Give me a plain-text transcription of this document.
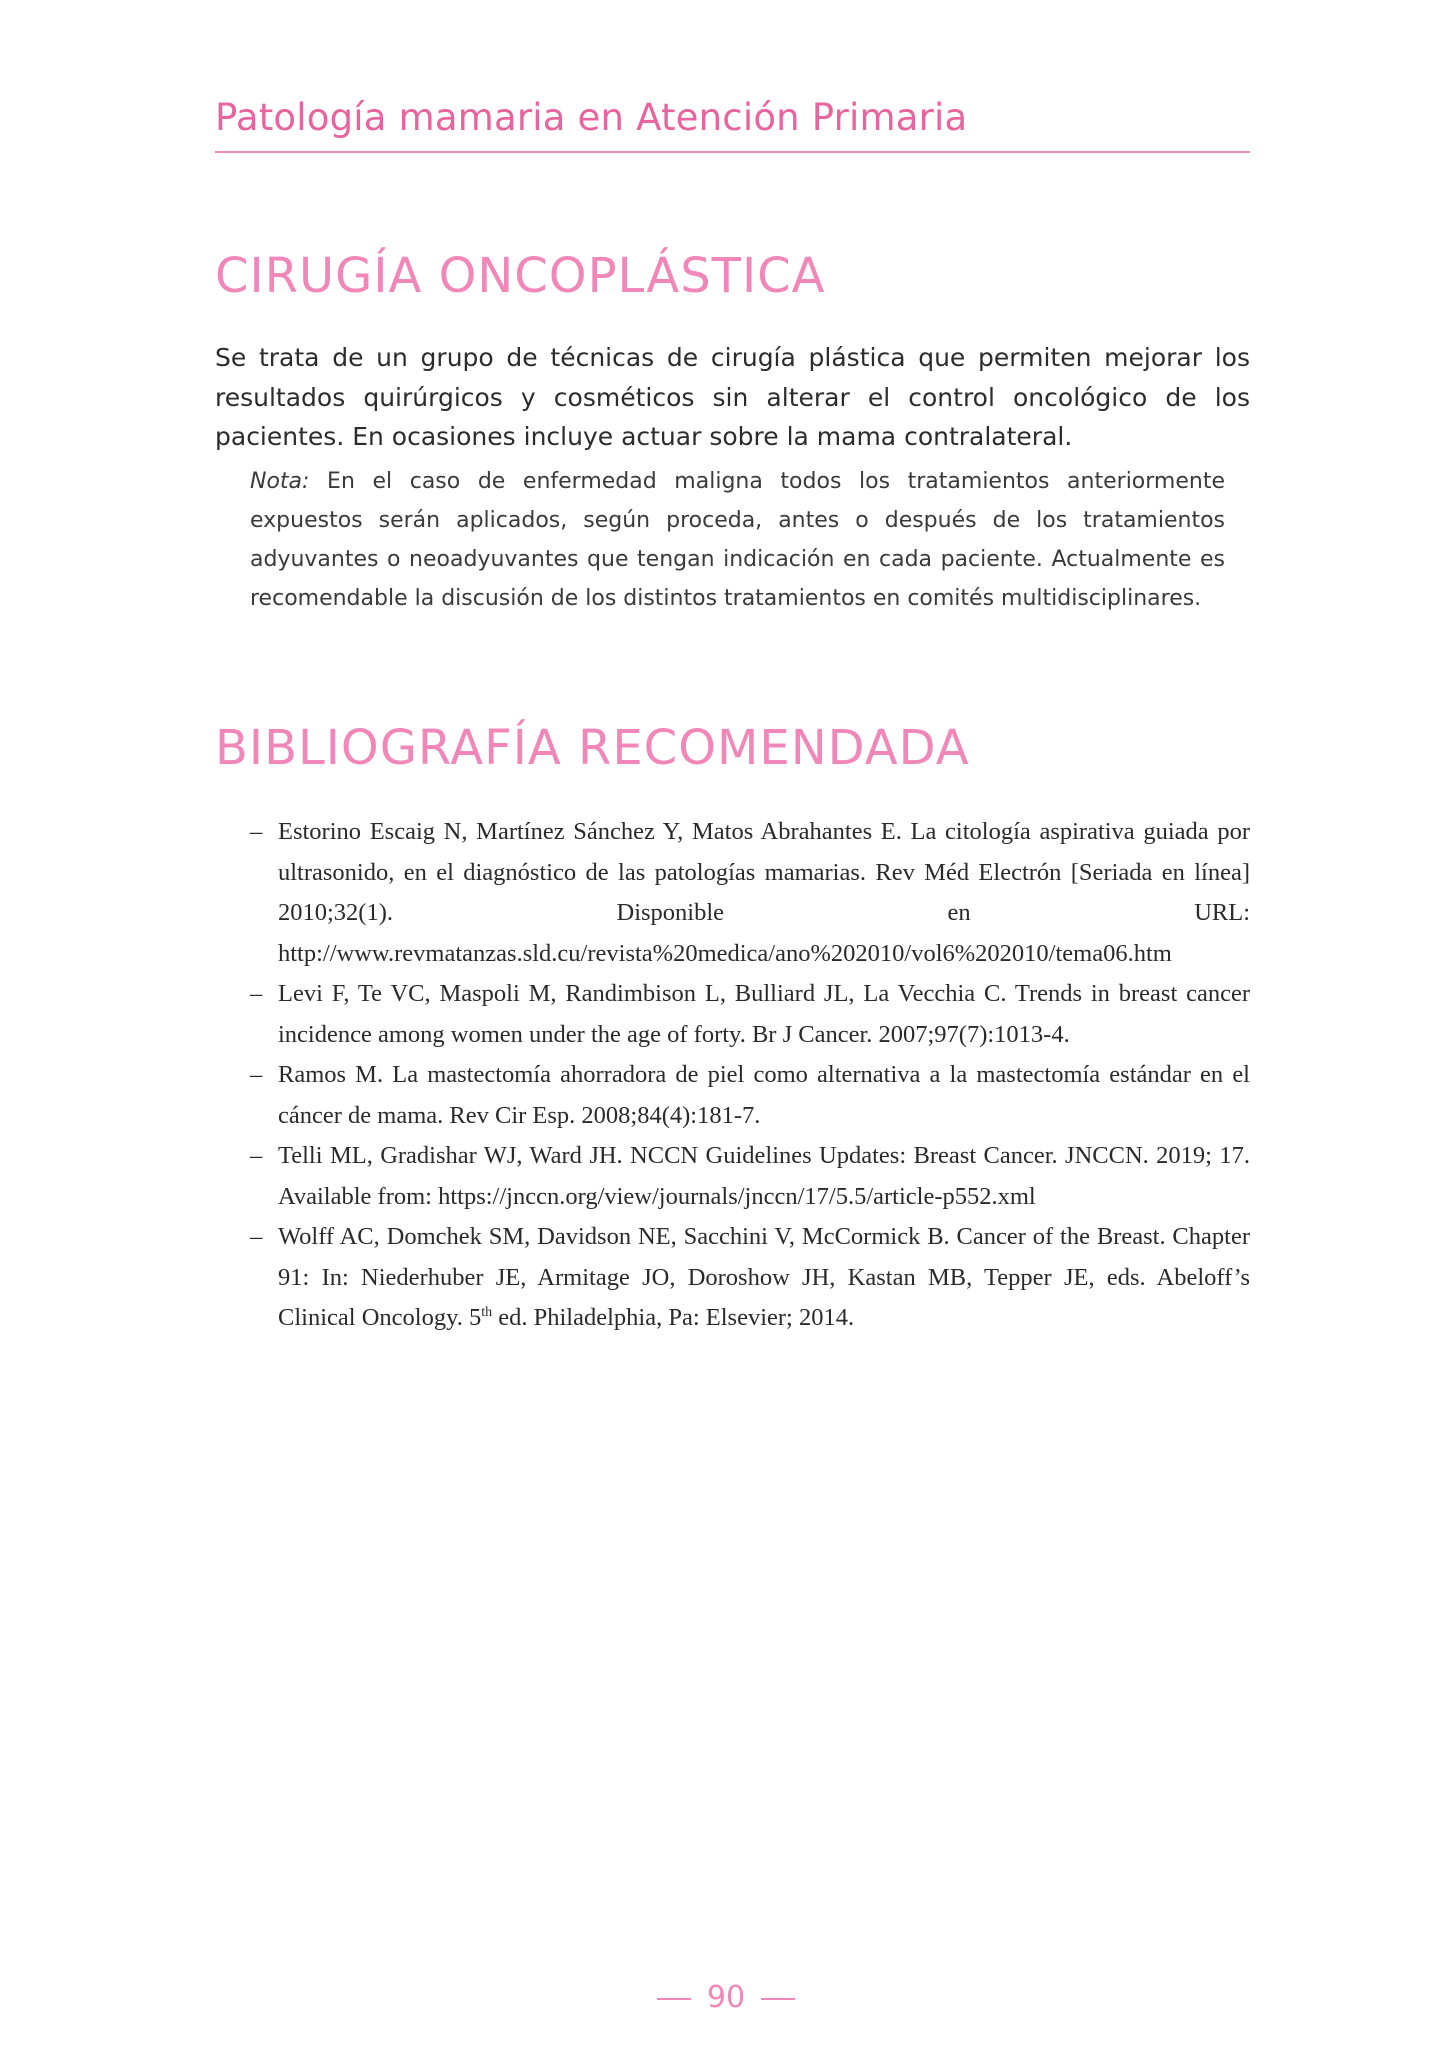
Patología mamaria en Atención Primaria
CIRUGÍA ONCOPLÁSTICA

Se trata de un grupo de técnicas de cirugía plástica que permiten mejorar los resultados quirúrgicos y cosméticos sin alterar el control oncológico de los pacientes. En ocasiones incluye actuar sobre la mama contralateral.

Nota: En el caso de enfermedad maligna todos los tratamientos anteriormente expuestos serán aplicados, según proceda, antes o después de los tratamientos adyuvantes o neoadyuvantes que tengan indicación en cada paciente. Actualmente es recomendable la discusión de los distintos tratamientos en comités multidisciplinares.

BIBLIOGRAFÍA RECOMENDADA
– Estorino Escaig N, Martínez Sánchez Y, Matos Abrahantes E. La citología aspirativa guiada por ultrasonido, en el diagnóstico de las patologías mamarias. Rev Méd Electrón [Seriada en línea] 2010;32(1). Disponible en URL: http://www.revmatanzas.sld.cu/revista%20medica/ano%202010/vol6%202010/tema06.htm
– Levi F, Te VC, Maspoli M, Randimbison L, Bulliard JL, La Vecchia C. Trends in breast cancer incidence among women under the age of forty. Br J Cancer. 2007;97(7):1013-4.
– Ramos M. La mastectomía ahorradora de piel como alternativa a la mastectomía estándar en el cáncer de mama. Rev Cir Esp. 2008;84(4):181-7.
– Telli ML, Gradishar WJ, Ward JH. NCCN Guidelines Updates: Breast Cancer. JNCCN. 2019; 17. Available from: https://jnccn.org/view/journals/jnccn/17/5.5/article-p552.xml
– Wolff AC, Domchek SM, Davidson NE, Sacchini V, McCormick B. Cancer of the Breast. Chapter 91: In: Niederhuber JE, Armitage JO, Doroshow JH, Kastan MB, Tepper JE, eds. Abeloff’s Clinical Oncology. 5th ed. Philadelphia, Pa: Elsevier; 2014.
90
